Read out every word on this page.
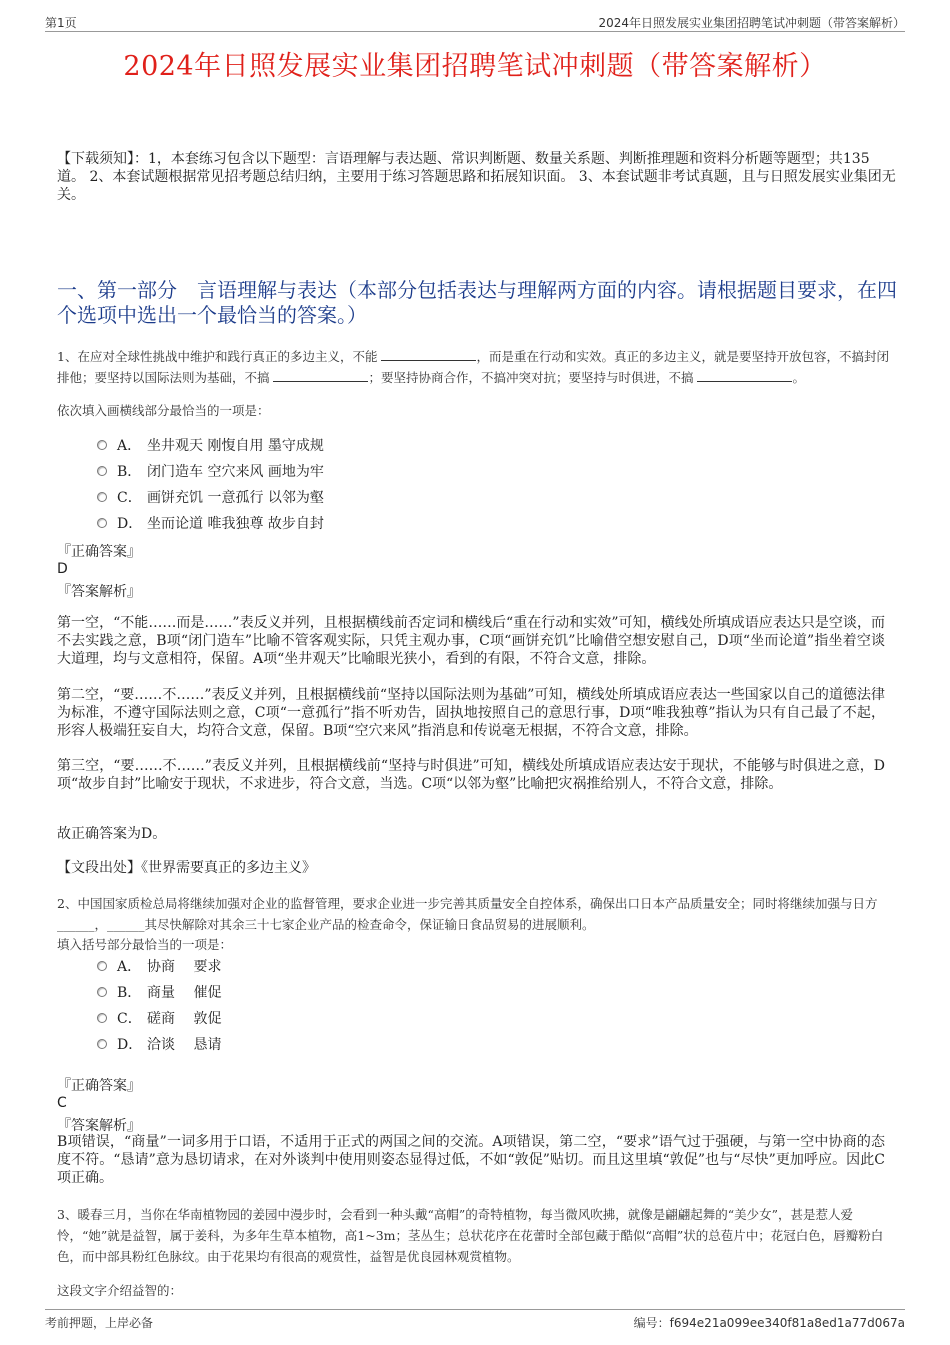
第1页	2024年日照发展实业集团招聘笔试冲刺题（带答案解析）
2024年日照发展实业集团招聘笔试冲刺题（带答案解析）
【下载须知】：1，本套练习包含以下题型：言语理解与表达题、常识判断题、数量关系题、判断推理题和资料分析题等题型；共135道。 2、本套试题根据常见招考题总结归纳，主要用于练习答题思路和拓展知识面。 3、本套试题非考试真题，且与日照发展实业集团无关。
一、第一部分　言语理解与表达（本部分包括表达与理解两方面的内容。请根据题目要求，在四个选项中选出一个最恰当的答案。）
1、在应对全球性挑战中维护和践行真正的多边主义，不能	，而是重在行动和实效。真正的多边主义，就是要坚持开放包容，不搞封闭排他；要坚持以国际法则为基础，不搞	；要坚持协商合作，不搞冲突对抗；要坚持与时俱进，不搞	。
依次填入画横线部分最恰当的一项是：
A． 坐井观天 刚愎自用 墨守成规
B． 闭门造车 空穴来风 画地为牢
C． 画饼充饥 一意孤行 以邻为壑
D． 坐而论道 唯我独尊 故步自封
『正确答案』
D
『答案解析』
第一空，“不能……而是……”表反义并列，且根据横线前否定词和横线后“重在行动和实效”可知，横线处所填成语应表达只是空谈，而不去实践之意，B项“闭门造车”比喻不管客观实际，只凭主观办事，C项“画饼充饥”比喻借空想安慰自己，D项“坐而论道”指坐着空谈大道理，均与文意相符，保留。A项“坐井观天”比喻眼光狭小，看到的有限，不符合文意，排除。
第二空，“要……不……”表反义并列，且根据横线前“坚持以国际法则为基础”可知，横线处所填成语应表达一些国家以自己的道德法律为标准，不遵守国际法则之意，C项“一意孤行”指不听劝告，固执地按照自己的意思行事，D项“唯我独尊”指认为只有自己最了不起，形容人极端狂妄自大，均符合文意，保留。B项“空穴来风”指消息和传说毫无根据，不符合文意，排除。
第三空，“要……不……”表反义并列，且根据横线前“坚持与时俱进”可知，横线处所填成语应表达安于现状，不能够与时俱进之意，D项“故步自封”比喻安于现状，不求进步，符合文意，当选。C项“以邻为壑”比喻把灾祸推给别人，不符合文意，排除。
故正确答案为D。
【文段出处】《世界需要真正的多边主义》
2、中国国家质检总局将继续加强对企业的监督管理，要求企业进一步完善其质量安全自控体系，确保出口日本产品质量安全；同时将继续加强与日方______，______其尽快解除对其余三十七家企业产品的检查命令，保证输日食品贸易的进展顺利。
填入括号部分最恰当的一项是：
A． 协商　 要求
B． 商量　 催促
C． 磋商　 敦促
D． 洽谈　 恳请
『正确答案』
C
『答案解析』
B项错误，“商量”一词多用于口语，不适用于正式的两国之间的交流。A项错误，第二空，“要求”语气过于强硬，与第一空中协商的态度不符。“恳请”意为恳切请求，在对外谈判中使用则姿态显得过低，不如“敦促”贴切。而且这里填“敦促”也与“尽快”更加呼应。因此C项正确。
3、暖春三月，当你在华南植物园的姜园中漫步时，会看到一种头戴“高帽”的奇特植物，每当微风吹拂，就像是翩翩起舞的“美少女”，甚是惹人爱怜，“她”就是益智，属于姜科，为多年生草本植物，高1~3m；茎丛生；总状花序在花蕾时全部包藏于酷似“高帽”状的总苞片中；花冠白色，唇瓣粉白色，而中部具粉红色脉纹。由于花果均有很高的观赏性，益智是优良园林观赏植物。
这段文字介绍益智的：
考前押题，上岸必备	编号：f694e21a099ee340f81a8ed1a77d067a
